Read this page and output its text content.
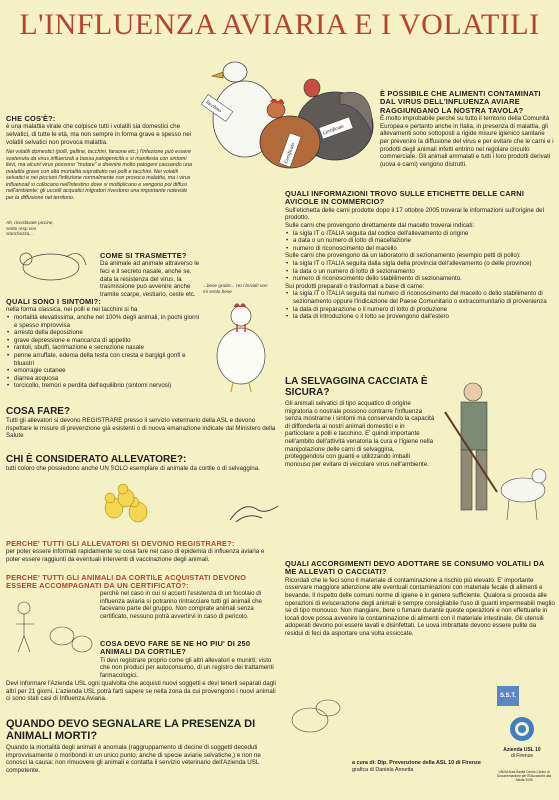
L'INFLUENZA AVIARIA E I VOLATILI
Tacchino
Certificato
Certificato

CHE COS'È?:

è una malattia virale che colpisce tutti i volatili sia domestici che selvatici, di tutte le età, ma non sempre in forma grave e spesso nei volatili selvatici non provoca malattia.

Nei volatili domestici (polli, galline, tacchini, faraone etc.) l'infezione può essere sostenuta da virus influenzali a bassa patogenicità e si manifesta con sintomi lievi, ma alcuni virus possono "mutare" e divenire molto patogeni causando una malattia grave con alta mortalità soprattutto nei polli e tacchini. Nei volatili selvatici e nei piccioni l'infezione normalmente non provoca malattia, ma i virus influenzali si collocano nell'intestino dove si moltiplicano e vengono poi diffusi nell'ambiente: gli uccelli acquatici migratori rivestono una importante notevole per la diffusione nel territorio.

Ah, ricordavate piccine, sento resp con stanchezza...

COME SI TRASMETTE?

Da animale ad animale attraverso le feci e il secreto nasale, anche se, data la resistenza del virus, la trasmissione può avvenire anche tramite scarpe, vestiario, ceste etc.

QUALI SONO I SINTOMI?:

nella forma classica, nei polli e nei tacchini si ha

• mortalità elevatissima, anche nel 100% degli animali, in pochi giorni e spesso improvvisa
• arresto della deposizione
• grave depressione e mancanza di appetito
• rantoli, sbuffi, lacrimazione e secrezione nasale
• penne arruffate, edema della testa con cresta e bargigli gonfi e bluastri
• emorragie cutanee
• diarrea acquosa
• torcicollo, tremori e perdita dell'equilibrio (sintomi nervosi)

...bene grazie... Ho i brividi! non mi sento bene

COSA FARE?

Tutti gli allevatori si devono REGISTRARE presso il servizio veterinario della ASL e devono rispettare le misure di prevenzione già esistenti o di nuova emanazione indicate dal Ministero della Salute

CHI È CONSIDERATO ALLEVATORE?:

tutti coloro che possiedono anche UN SOLO esemplare di animale da cortile o di selvaggina.

PERCHE' TUTTI GLI ALLEVATORI SI DEVONO REGISTRARE?:

per poter essere informati rapidamente su cosa fare nel caso di epidemia di influenza aviaria e poter essere raggiunti da eventuali interventi di vaccinazione degli animali.

PERCHE' TUTTI GLI ANIMALI DA CORTILE ACQUISTATI DEVONO ESSERE ACCOMPAGNATI DA UN CERTIFICATO?:

perchè nel caso in cui si accerti l'esistenza di un focolaio di influenza aviaria si potranno rintracciare tutti gli animali che facevano parte del gruppo. Non comprate animali senza certificato, nessuno potrà avvertirvi in caso di pericolo.

COSA DEVO FARE SE NE HO PIU' DI 250 ANIMALI DA CORTILE?

Ti devi registrare proprio come gli altri allevatori e munirti: visto che non produci per autoconsumo, di un registro dei trattamenti farmacologici.

Devi informare l'Azienda USL ogni qualvolta che acquisti nuovi soggetti e devi tenerli separati dagli altri per 21 giorni. L'azienda USL potrà farti sapere se nella zona da cui provengono i nuovi animali ci sono stati casi di Influenza Aviaria.

QUANDO DEVO SEGNALARE LA PRESENZA DI ANIMALI MORTI?

Quando la mortalità degli animali è anomala (raggruppamento di decine di soggetti deceduti improvvisamente o moribondi in un unico punto, anche di specie aviarie selvatiche,) e non ne conosci la causa: non rimuovere gli animali e contatta il servizio veterinario dell'Azienda USL competente.

È POSSIBILE CHE ALIMENTI CONTAMINATI DAL VIRUS DELL'INFLUENZA AVIARE RAGGIUNGANO LA NOSTRA TAVOLA?

È molto improbabile perché su tutto il territorio della Comunità Europea e pertanto anche in Italia, in presenza di malattia, gli allevamenti sono sottoposti a rigide misure igienico sanitarie per prevenire la diffusione del virus e per evitare che le carni e i prodotti degli animali infetti entrino nel regolare circuito commerciale. Gli animali ammalati e tutti i loro prodotti derivati (uova e carni) vengono distrutti.

QUALI INFORMAZIONI TROVO SULLE ETICHETTE DELLE CARNI AVICOLE IN COMMERCIO?

Sull'etichetta delle carni prodotte dopo il 17 ottobre 2005 troverai le informazioni sull'origine del prodotto.

Sulle carni che provengono direttamente dal macello troverai indicati:

• la sigla IT o ITALIA seguita dal codice dell'allevamento di origine
• a data o un numero di lotto di macellazione
• numero di riconoscimento del macello

Sulle carni che provengono da un laboratorio di sezionamento (esempio petti di pollo):

• la sigla IT o ITALIA seguita dalla sigla della provincia dell'allevamento (o delle province)
• la data o un numero di lotto di sezionamento
• numero di riconoscimento dello stabilimento di sezionamento.

Sui prodotti preparati o trasformati a base di carne:

• la sigla IT o ITALIA seguita dal numero di riconoscimento del macello o dello stabilimento di sezionamento oppure l'indicazione del Paese Comunitario o extracomunitario di provenienza
• la data di preparazione o il numero di lotto di produzione
• la data di introduzione o il lotto se provengono dall'estero

LA SELVAGGINA CACCIATA È SICURA?

Gli animali selvatici di tipo acquatico di origine migratoria o nostrale possono contrarre l'influenza senza mostrarne i sintomi ma conservando la capacità di diffonderla ai nostri animali domestici e in particolare a polli e tacchino. E' quindi importante nell'ambito dell'attività venatoria la cura e l'igiene nella manipolazione delle carni di selvaggina, proteggendosi con guanti e utilizzando imballi monouso per evitare di veicolare virus nell'ambiente.

QUALI ACCORGIMENTI DEVO ADOTTARE SE CONSUMO VOLATILI DA ME ALLEVATI O CACCIATI?

Ricordati che le feci sono il materiale di contaminazione a rischio più elevato. E' importante osservare maggiore attenzione alle eventuali contaminazioni con materiale fecale di alimenti e bevande. Il rispetto delle comuni norme di igiene è in genere sufficiente. Qualora si proceda alle operazioni di eviscerazione degli animali è sempre consigliabile l'uso di guanti impermeabili meglio se di tipo monouso. Non mangiare, bere o fumare durante queste operazioni e non effettuarle in locali dove possa avvenire la contaminazione di alimenti con il materiale intestinale. Gli utensili adoperati devono poi essere lavati e disinfettati. Le uova imbrattate devono essere pulite da residui di feci da asportare una volta essiccate.

a cura di: Dip. Prevenzione della ASL 10 di Firenze

grafica di Daniela Annetta

S.S.T.

Azienda USL 10

di Firenze

UNIVA Area Sanità Centro Centro di Documentazione per l'Educazione alla Salute 2005
